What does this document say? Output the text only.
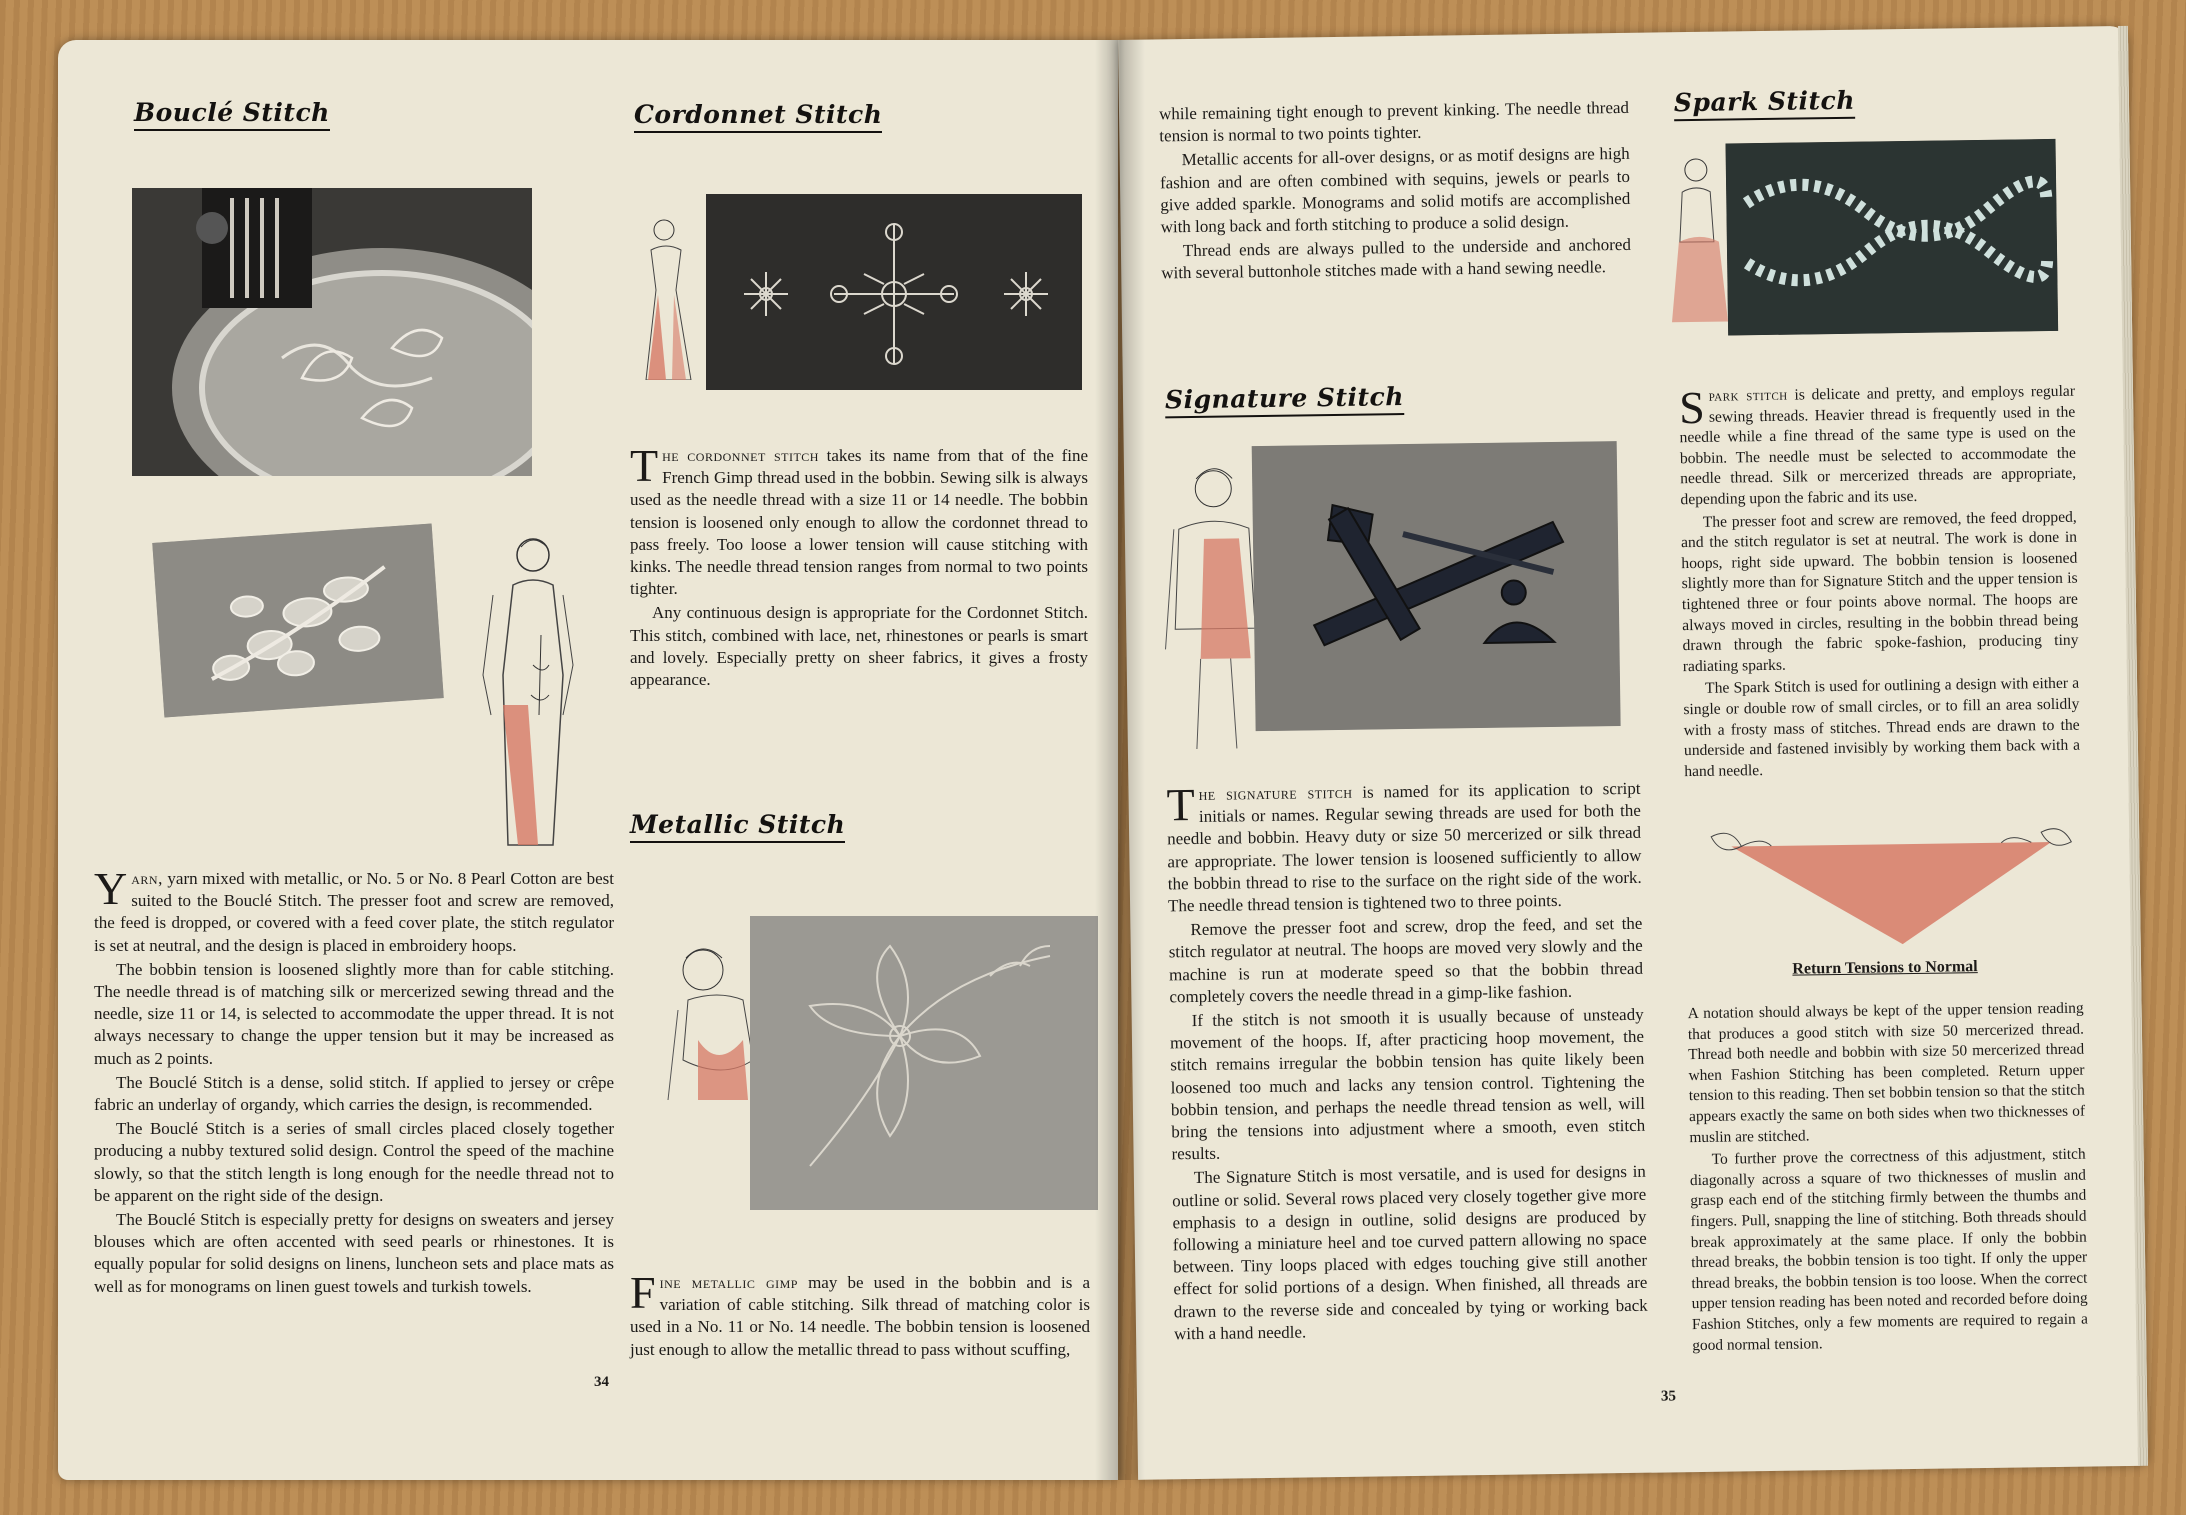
Bouclé Stitch

Yarn, yarn mixed with metallic, or No. 5 or No. 8 Pearl Cotton are best suited to the Bouclé Stitch. The presser foot and screw are removed, the feed is dropped, or covered with a feed cover plate, the stitch regulator is set at neutral, and the design is placed in embroidery hoops.

The bobbin tension is loosened slightly more than for cable stitching. The needle thread is of matching silk or mercerized sewing thread and the needle, size 11 or 14, is selected to accommodate the upper thread. It is not always necessary to change the upper tension but it may be increased as much as 2 points.

The Bouclé Stitch is a dense, solid stitch. If applied to jersey or crêpe fabric an underlay of organdy, which carries the design, is recommended.

The Bouclé Stitch is a series of small circles placed closely together producing a nubby textured solid design. Control the speed of the machine slowly, so that the stitch length is long enough for the needle thread not to be apparent on the right side of the design.

The Bouclé Stitch is especially pretty for designs on sweaters and jersey blouses which are often accented with seed pearls or rhinestones. It is equally popular for solid designs on linens, luncheon sets and place mats as well as for monograms on linen guest towels and turkish towels.

Cordonnet Stitch

The cordonnet stitch takes its name from that of the fine French Gimp thread used in the bobbin. Sewing silk is always used as the needle thread with a size 11 or 14 needle. The bobbin tension is loosened only enough to allow the cordonnet thread to pass freely. Too loose a lower tension will cause stitching with kinks. The needle thread tension ranges from normal to two points tighter.

Any continuous design is appropriate for the Cordonnet Stitch. This stitch, combined with lace, net, rhinestones or pearls is smart and lovely. Especially pretty on sheer fabrics, it gives a frosty appearance.

Metallic Stitch

Fine metallic gimp may be used in the bobbin and is a variation of cable stitching. Silk thread of matching color is used in a No. 11 or No. 14 needle. The bobbin tension is loosened just enough to allow the metallic thread to pass without scuffing,

34

while remaining tight enough to prevent kinking. The needle thread tension is normal to two points tighter.

Metallic accents for all-over designs, or as motif designs are high fashion and are often combined with sequins, jewels or pearls to give added sparkle. Monograms and solid motifs are accomplished with long back and forth stitching to produce a solid design.

Thread ends are always pulled to the underside and anchored with several buttonhole stitches made with a hand sewing needle.

Signature Stitch

The signature stitch is named for its application to script initials or names. Regular sewing threads are used for both the needle and bobbin. Heavy duty or size 50 mercerized or silk thread are appropriate. The lower tension is loosened sufficiently to allow the bobbin thread to rise to the surface on the right side of the work. The needle thread tension is tightened two to three points.

Remove the presser foot and screw, drop the feed, and set the stitch regulator at neutral. The hoops are moved very slowly and the machine is run at moderate speed so that the bobbin thread completely covers the needle thread in a gimp-like fashion.

If the stitch is not smooth it is usually because of unsteady movement of the hoops. If, after practicing hoop movement, the stitch remains irregular the bobbin tension has quite likely been loosened too much and lacks any tension control. Tightening the bobbin tension, and perhaps the needle thread tension as well, will bring the tensions into adjustment where a smooth, even stitch results.

The Signature Stitch is most versatile, and is used for designs in outline or solid. Several rows placed very closely together give more emphasis to a design in outline, solid designs are produced by following a miniature heel and toe curved pattern allowing no space between. Tiny loops placed with edges touching give still another effect for solid portions of a design. When finished, all threads are drawn to the reverse side and concealed by tying or working back with a hand needle.

Spark Stitch

Spark stitch is delicate and pretty, and employs regular sewing threads. Heavier thread is frequently used in the needle while a fine thread of the same type is used on the bobbin. The needle must be selected to accommodate the needle thread. Silk or mercerized threads are appropriate, depending upon the fabric and its use.

The presser foot and screw are removed, the feed dropped, and the stitch regulator is set at neutral. The work is done in hoops, right side upward. The bobbin tension is loosened slightly more than for Signature Stitch and the upper tension is tightened three or four points above normal. The hoops are always moved in circles, resulting in the bobbin thread being drawn through the fabric spoke-fashion, producing tiny radiating sparks.

The Spark Stitch is used for outlining a design with either a single or double row of small circles, or to fill an area solidly with a frosty mass of stitches. Thread ends are drawn to the underside and fastened invisibly by working them back with a hand needle.

Return Tensions to Normal

A notation should always be kept of the upper tension reading that produces a good stitch with size 50 mercerized thread. Thread both needle and bobbin with size 50 mercerized thread when Fashion Stitching has been completed. Return upper tension to this reading. Then set bobbin tension so that the stitch appears exactly the same on both sides when two thicknesses of muslin are stitched.

To further prove the correctness of this adjustment, stitch diagonally across a square of two thicknesses of muslin and grasp each end of the stitching firmly between the thumbs and fingers. Pull, snapping the line of stitching. Both threads should break approximately at the same place. If only the bobbin thread breaks, the bobbin tension is too tight. If only the upper thread breaks, the bobbin tension is too loose. When the correct upper tension reading has been noted and recorded before doing Fashion Stitches, only a few moments are required to regain a good normal tension.

35
